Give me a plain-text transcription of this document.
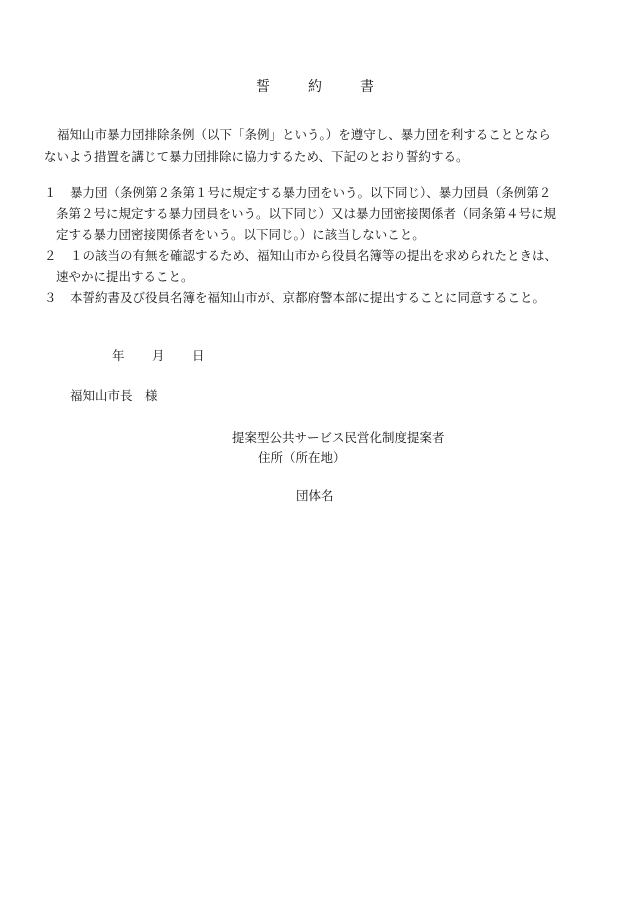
誓　約　書
福知山市暴力団排除条例（以下「条例」という。）を遵守し、暴力団を利することとなら
ないよう措置を講じて暴力団排除に協力するため、下記のとおり誓約する。
１ 暴力団（条例第２条第１号に規定する暴力団をいう。以下同じ）、暴力団員（条例第２
条第２号に規定する暴力団員をいう。以下同じ）又は暴力団密接関係者（同条第４号に規
定する暴力団密接関係者をいう。以下同じ。）に該当しないこと。
２ １の該当の有無を確認するため、福知山市から役員名簿等の提出を求められたときは、
速やかに提出すること。
３ 本誓約書及び役員名簿を福知山市が、京都府警本部に提出することに同意すること。
年 月 日
福知山市長　様
提案型公共サービス民営化制度提案者
住所（所在地）
団体名
